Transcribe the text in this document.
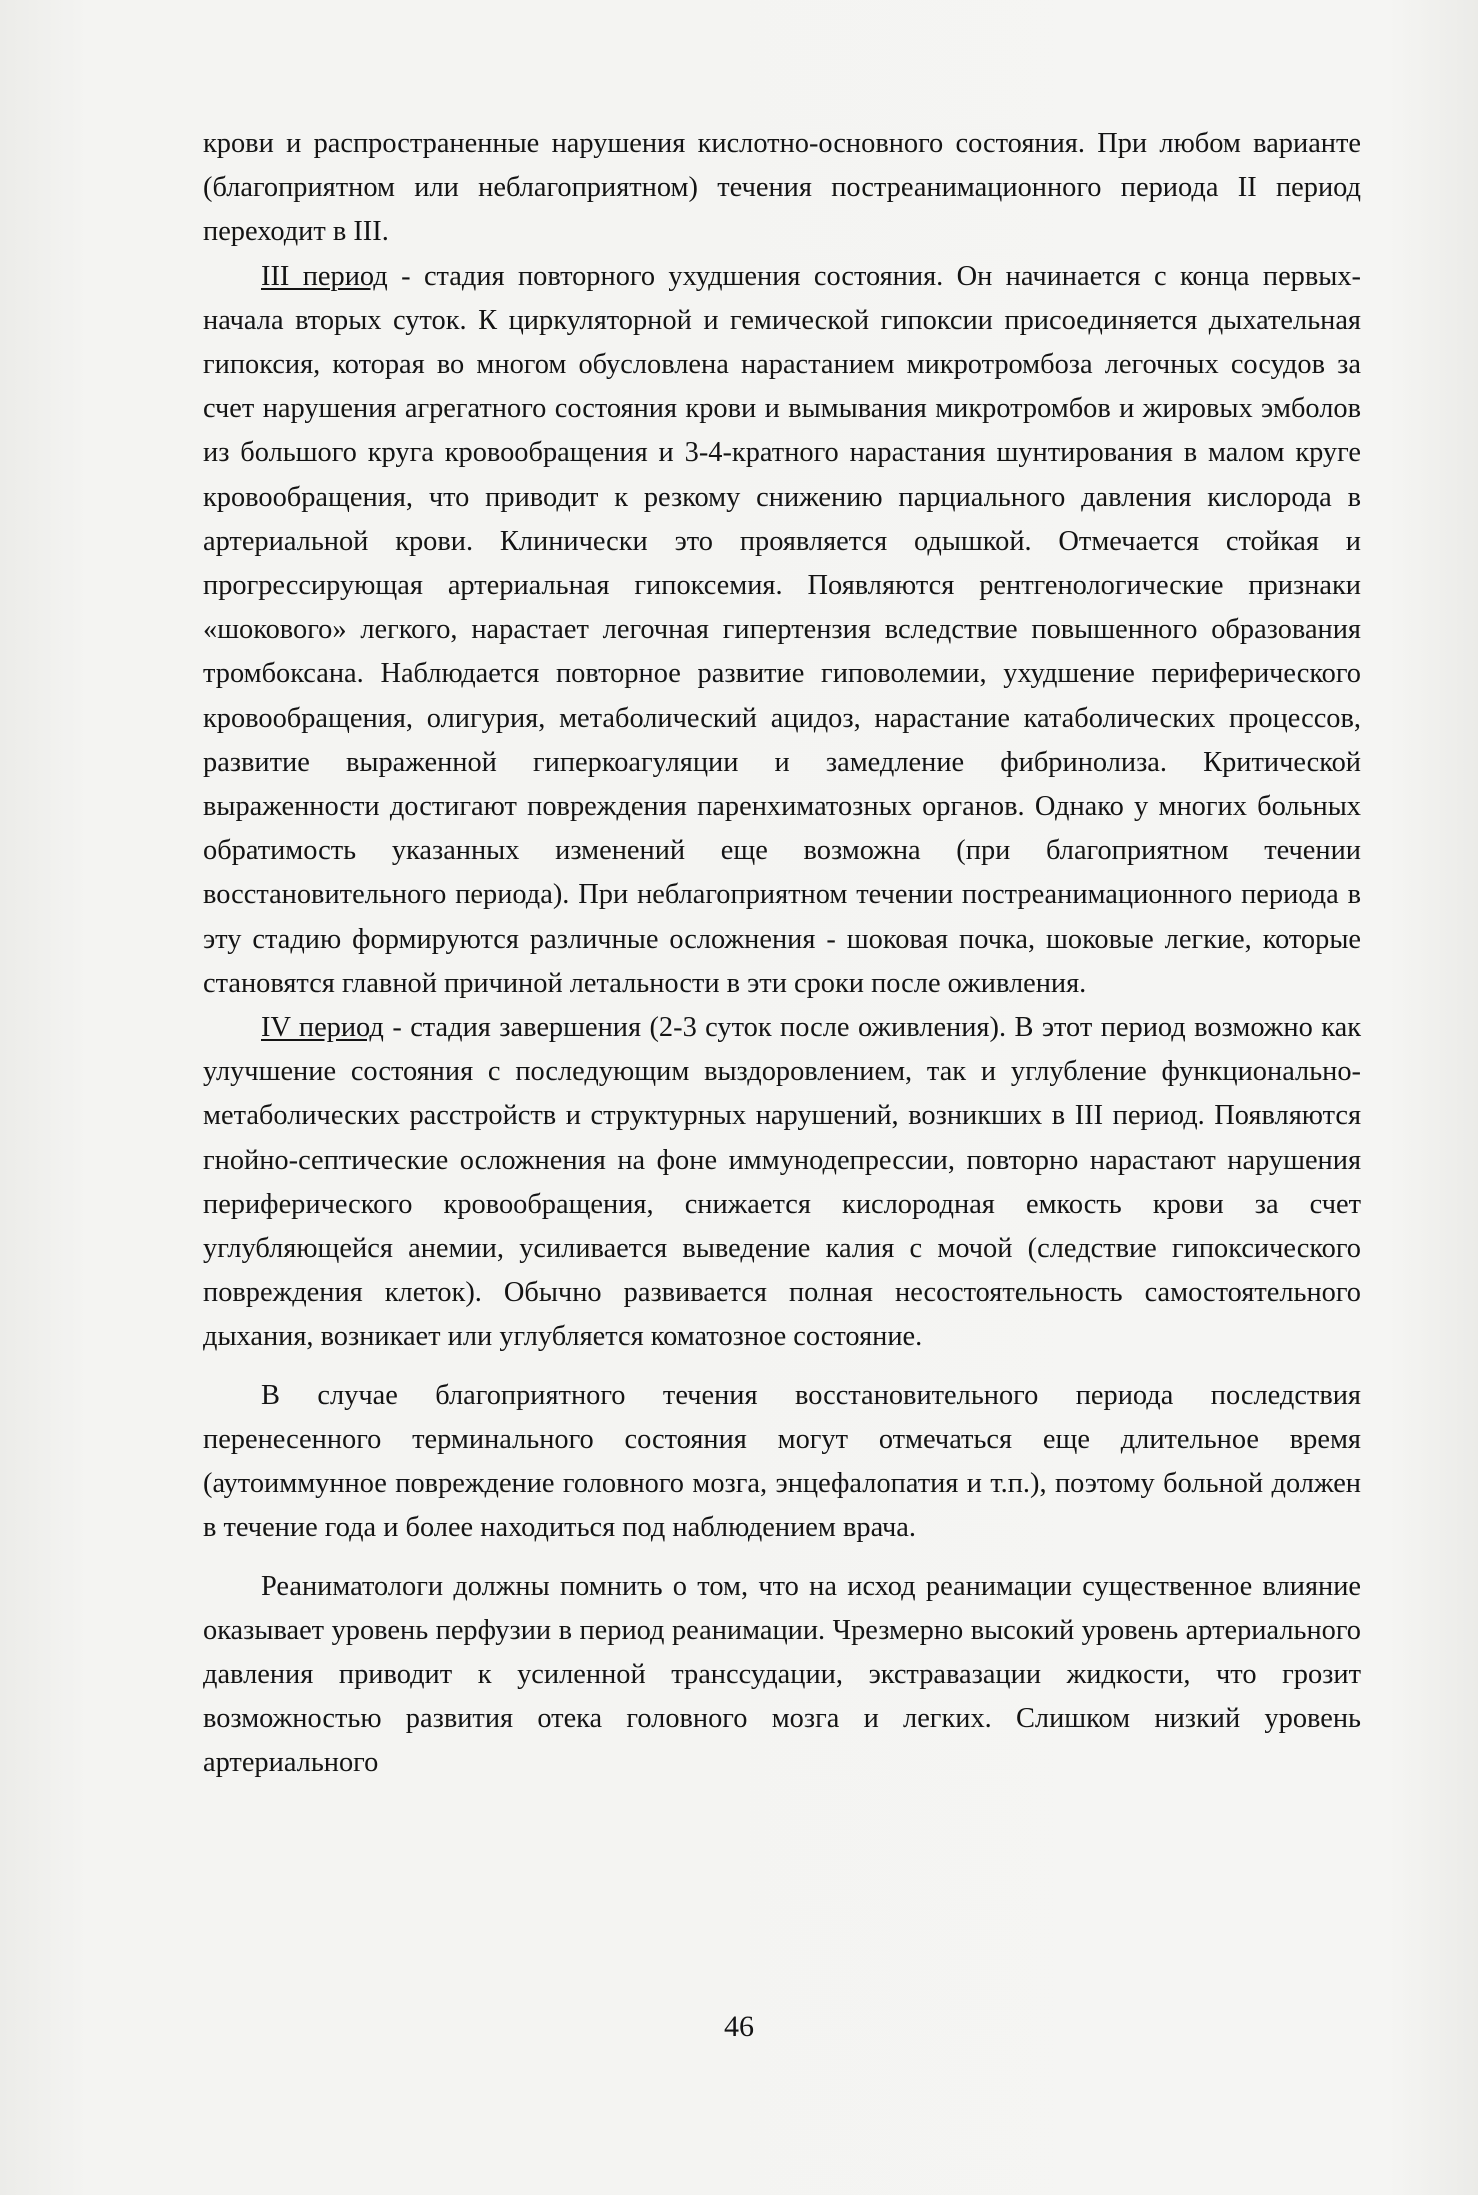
крови и распространенные нарушения кислотно-основного состояния. При любом варианте (благоприятном или неблагоприятном) течения постреанимационного периода II период переходит в III.

III период - стадия повторного ухудшения состояния. Он начинается с конца первых-начала вторых суток. К циркуляторной и гемической гипоксии присоединяется дыхательная гипоксия, которая во многом обусловлена нарастанием микротромбоза легочных сосудов за счет нарушения агрегатного состояния крови и вымывания микротромбов и жировых эмболов из большого круга кровообращения и 3-4-кратного нарастания шунтирования в малом круге кровообращения, что приводит к резкому снижению парциального давления кислорода в артериальной крови. Клинически это проявляется одышкой. Отмечается стойкая и прогрессирующая артериальная гипоксемия. Появляются рентгенологические признаки «шокового» легкого, нарастает легочная гипертензия вследствие повышенного образования тромбоксана. Наблюдается повторное развитие гиповолемии, ухудшение периферического кровообращения, олигурия, метаболический ацидоз, нарастание катаболических процессов, развитие выраженной гиперкоагуляции и замедление фибринолиза. Критической выраженности достигают повреждения паренхиматозных органов. Однако у многих больных обратимость указанных изменений еще возможна (при благоприятном течении восстановительного периода). При неблагоприятном течении постреанимационного периода в эту стадию формируются различные осложнения - шоковая почка, шоковые легкие, которые становятся главной причиной летальности в эти сроки после оживления.

IV период - стадия завершения (2-3 суток после оживления). В этот период возможно как улучшение состояния с последующим выздоровлением, так и углубление функционально-метаболических расстройств и структурных нарушений, возникших в III период. Появляются гнойно-септические осложнения на фоне иммунодепрессии, повторно нарастают нарушения периферического кровообращения, снижается кислородная емкость крови за счет углубляющейся анемии, усиливается выведение калия с мочой (следствие гипоксического повреждения клеток). Обычно развивается полная несостоятельность самостоятельного дыхания, возникает или углубляется коматозное состояние.

В случае благоприятного течения восстановительного периода последствия перенесенного терминального состояния могут отмечаться еще длительное время (аутоиммунное повреждение головного мозга, энцефалопатия и т.п.), поэтому больной должен в течение года и более находиться под наблюдением врача.

Реаниматологи должны помнить о том, что на исход реанимации существенное влияние оказывает уровень перфузии в период реанимации. Чрезмерно высокий уровень артериального давления приводит к усиленной транссудации, экстравазации жидкости, что грозит возможностью развития отека головного мозга и легких. Слишком низкий уровень артериального

46
